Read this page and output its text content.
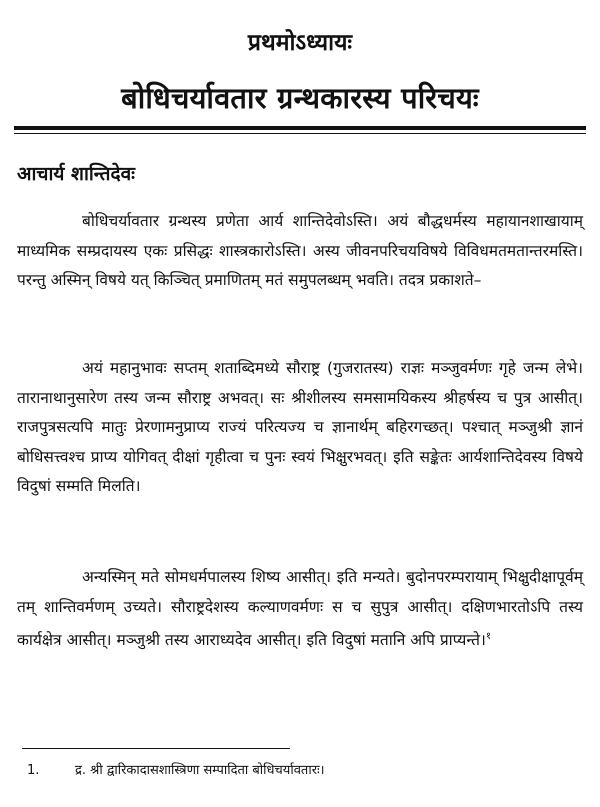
प्रथमोऽध्यायः
बोधिचर्यावतार ग्रन्थकारस्य परिचयः
आचार्य शान्तिदेवः
बोधिचर्यावतार ग्रन्थस्य प्रणेता आर्य शान्तिदेवोऽस्ति। अयं बौद्धधर्मस्य महायानशाखायाम् माध्यमिक सम्प्रदायस्य एकः प्रसिद्धः शास्त्रकारोऽस्ति। अस्य जीवनपरिचयविषये विविधमतमतान्तरमस्ति। परन्तु अस्मिन् विषये यत् किञ्चित् प्रमाणितम् मतं समुपलब्धम् भवति। तदत्र प्रकाशते–
अयं महानुभावः सप्तम् शताब्दिमध्ये सौराष्ट्र (गुजरातस्य) राज्ञः मञ्जुवर्मणः गृहे जन्म लेभे। तारानाथानुसारेण तस्य जन्म सौराष्ट्र अभवत्। सः श्रीशीलस्य समसामयिकस्य श्रीहर्षस्य च पुत्र आसीत्। राजपुत्रसत्यपि मातुः प्रेरणामनुप्राप्य राज्यं परित्यज्य च ज्ञानार्थम् बहिरगच्छत्। पश्चात् मञ्जुश्री ज्ञानं बोधिसत्त्वश्च प्राप्य योगिवत् दीक्षां गृहीत्वा च पुनः स्वयं भिक्षुरभवत्। इति सङ्केतः आर्यशान्तिदेवस्य विषये विदुषां सम्मति मिलति।
अन्यस्मिन् मते सोमधर्मपालस्य शिष्य आसीत्। इति मन्यते। बुदोनपरम्परायाम् भिक्षुदीक्षापूर्वम् तम् शान्तिवर्मणम् उच्यते। सौराष्ट्रदेशस्य कल्याणवर्मणः स च सुपुत्र आसीत्। दक्षिणभारतोऽपि तस्य कार्यक्षेत्र आसीत्। मञ्जुश्री तस्य आराध्यदेव आसीत्। इति विदुषां मतानि अपि प्राप्यन्ते।$^१$
1.	द्र. श्री द्वारिकादासशास्त्रिणा सम्पादिता बोधिचर्यावतारः।
